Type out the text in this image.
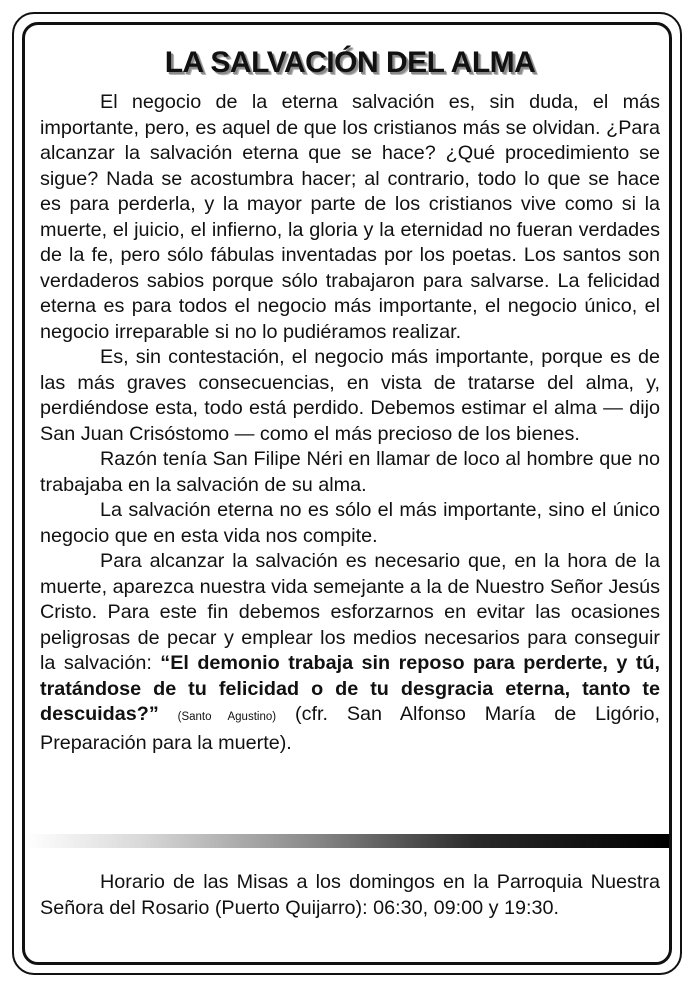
LA SALVACIÓN DEL ALMA

El negocio de la eterna salvación es, sin duda, el más importante, pero, es aquel de que los cristianos más se olvidan. ¿Para alcanzar la salvación eterna que se hace? ¿Qué procedimiento se sigue? Nada se acostumbra hacer; al contrario, todo lo que se hace es para perderla, y la mayor parte de los cristianos vive como si la muerte, el juicio, el infierno, la gloria y la eternidad no fueran verdades de la fe, pero sólo fábulas inventadas por los poetas. Los santos son verdaderos sabios porque sólo trabajaron para salvarse. La felicidad eterna es para todos el negocio más importante, el negocio único, el negocio irreparable si no lo pudiéramos realizar.

Es, sin contestación, el negocio más importante, porque es de las más graves consecuencias, en vista de tratarse del alma, y, perdiéndose esta, todo está perdido. Debemos estimar el alma — dijo San Juan Crisóstomo — como el más precioso de los bienes.

Razón tenía San Filipe Néri en llamar de loco al hombre que no trabajaba en la salvación de su alma.

La salvación eterna no es sólo el más importante, sino el único negocio que en esta vida nos compite.

Para alcanzar la salvación es necesario que, en la hora de la muerte, aparezca nuestra vida semejante a la de Nuestro Señor Jesús Cristo. Para este fin debemos esforzarnos en evitar las ocasiones peligrosas de pecar y emplear los medios necesarios para conseguir la salvación: “El demonio trabaja sin reposo para perderte, y tú, tratándose de tu felicidad o de tu desgracia eterna, tanto te descuidas?” (Santo Agustino) (cfr. San Alfonso María de Ligório, Preparación para la muerte).

Horario de las Misas a los domingos en la Parroquia Nuestra Señora del Rosario (Puerto Quijarro): 06:30, 09:00 y 19:30.
